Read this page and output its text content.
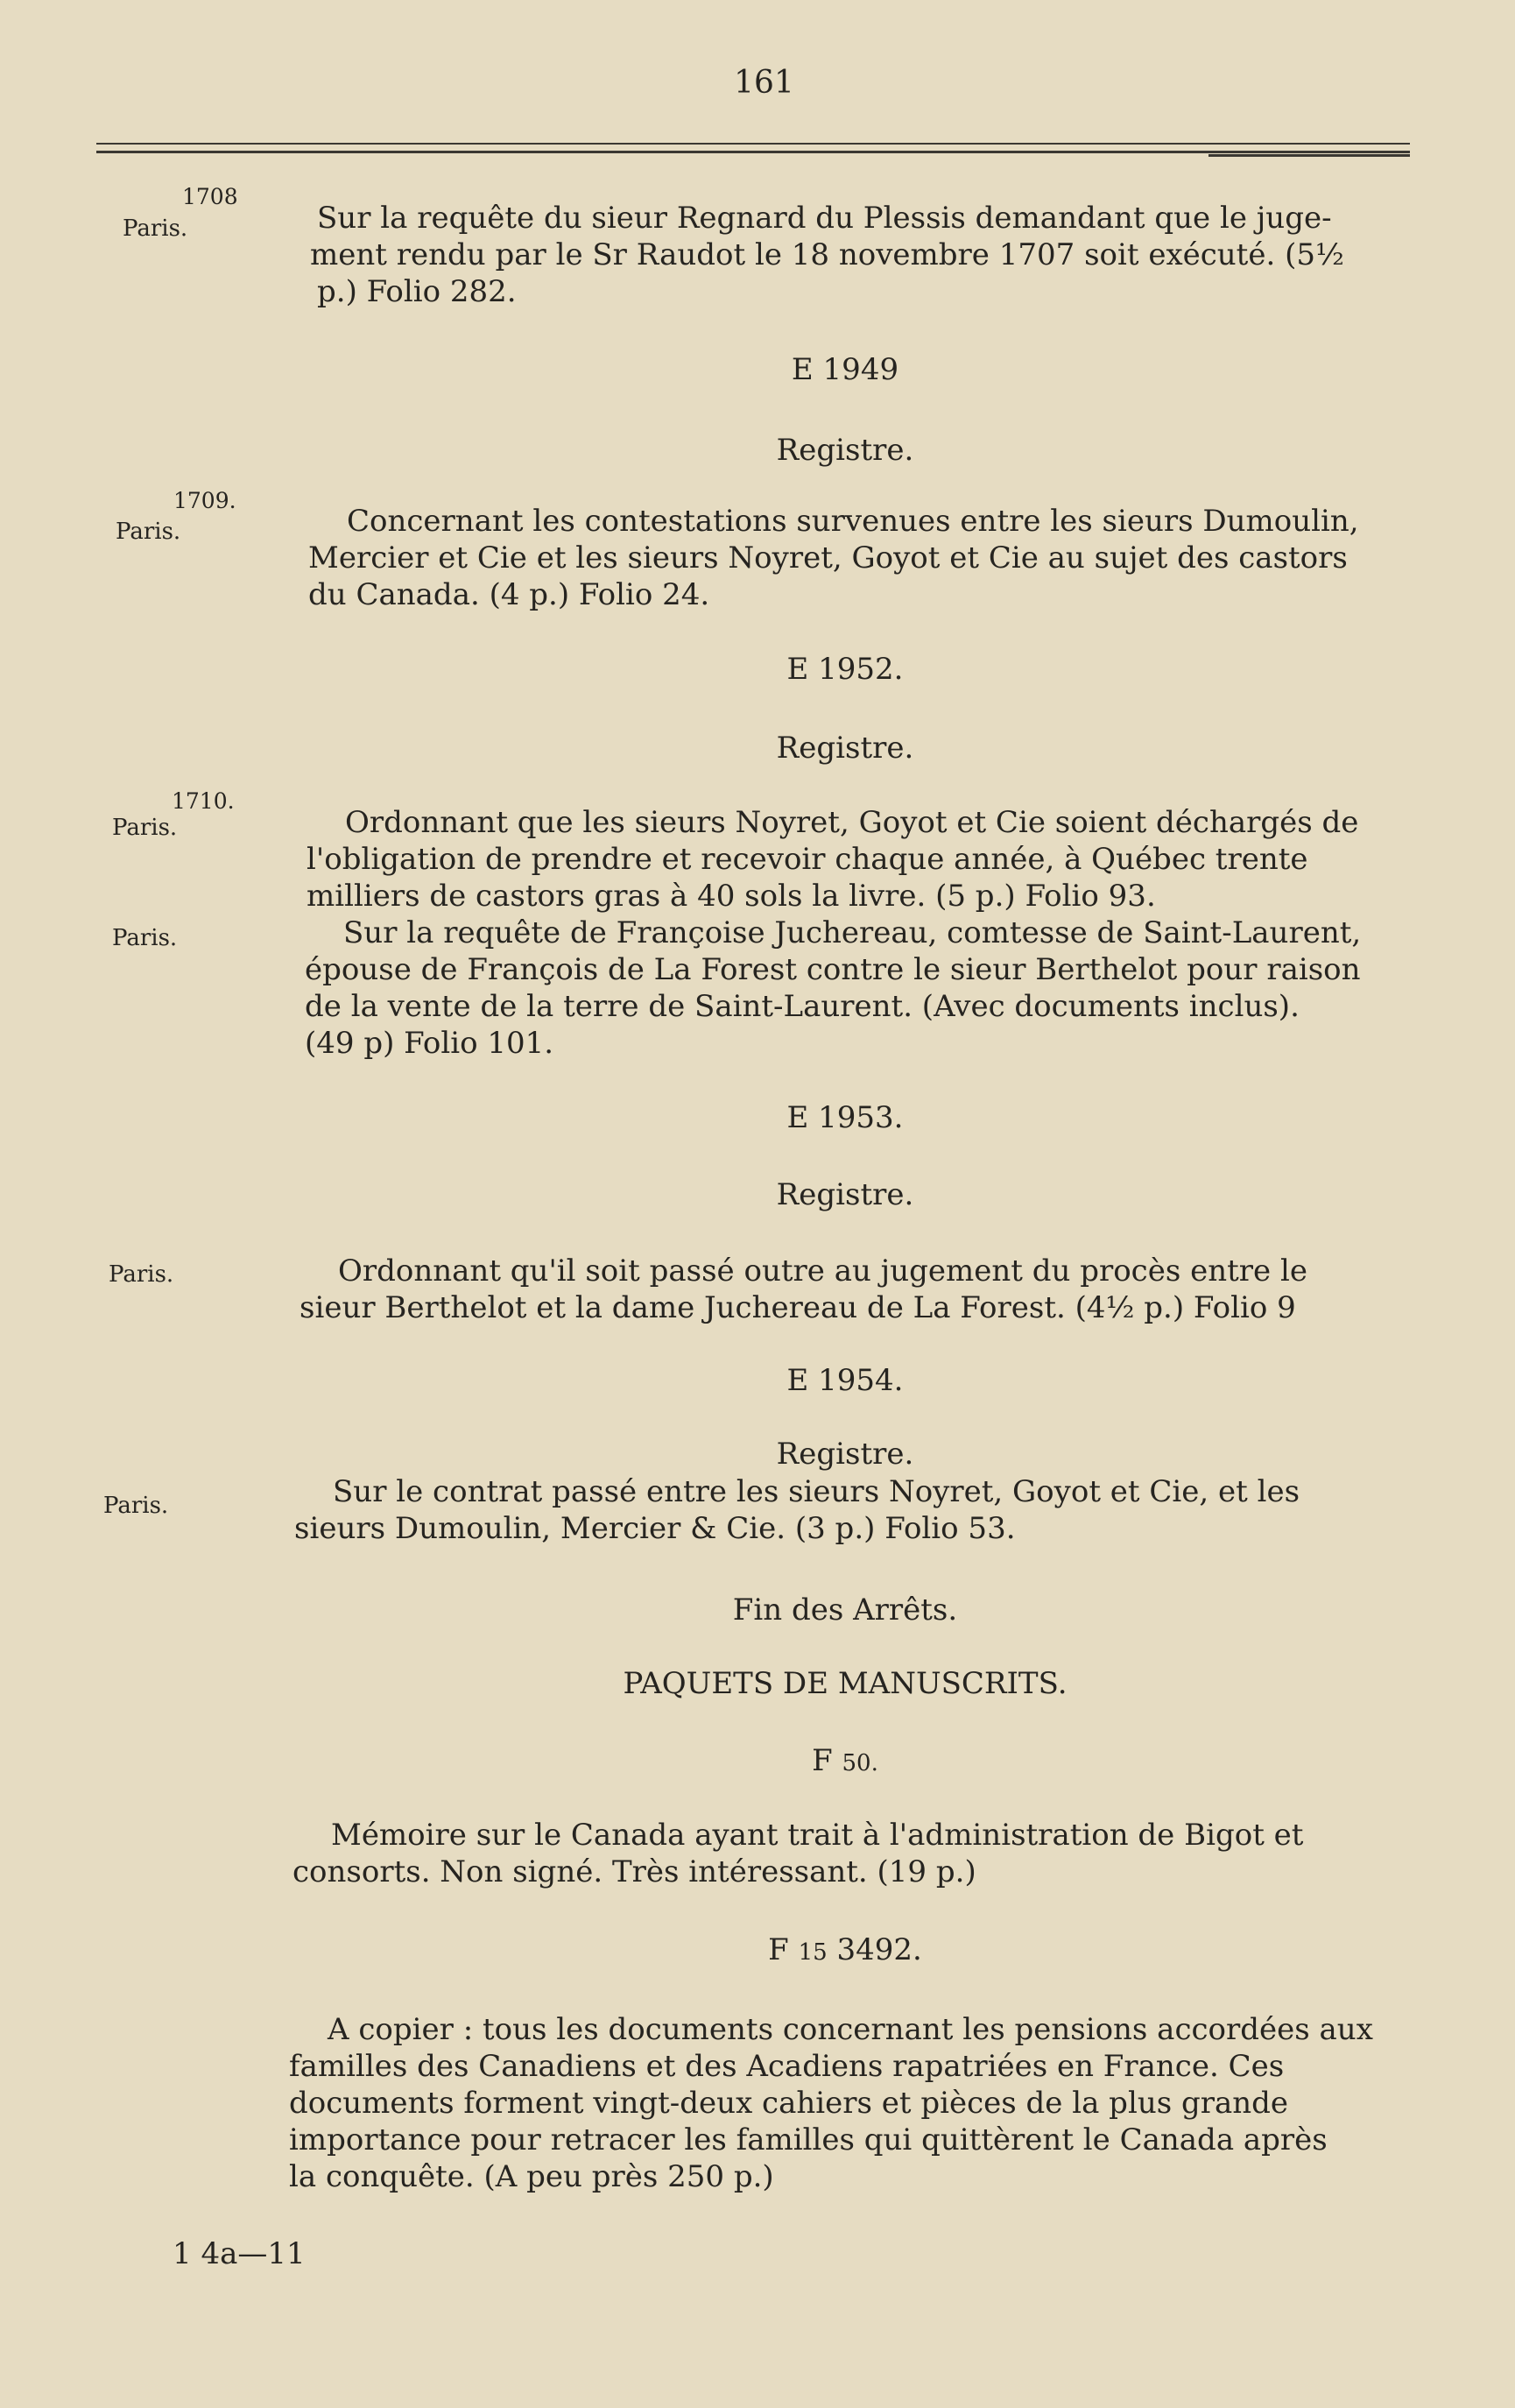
161
1708
Paris.	Sur la requête du sieur Regnard du Plessis demandant que le juge-
ment rendu par le Sr Raudot le 18 novembre 1707 soit exécuté. (5½
p.) Folio 282.
E 1949
Registre.
1709.
Paris.	Concernant les contestations survenues entre les sieurs Dumoulin,
Mercier et Cie et les sieurs Noyret, Goyot et Cie au sujet des castors
du Canada. (4 p.) Folio 24.
E 1952.
Registre.
1710.
Paris.	Ordonnant que les sieurs Noyret, Goyot et Cie soient déchargés de
l'obligation de prendre et recevoir chaque année, à Québec trente
milliers de castors gras à 40 sols la livre. (5 p.) Folio 93.
Paris.	Sur la requête de Françoise Juchereau, comtesse de Saint-Laurent,
épouse de François de La Forest contre le sieur Berthelot pour raison
de la vente de la terre de Saint-Laurent. (Avec documents inclus).
(49 p) Folio 101.
E 1953.
Registre.
Paris.	Ordonnant qu'il soit passé outre au jugement du procès entre le
sieur Berthelot et la dame Juchereau de La Forest. (4½ p.) Folio 9
E 1954.
Registre.
Paris.	Sur le contrat passé entre les sieurs Noyret, Goyot et Cie, et les
sieurs Dumoulin, Mercier & Cie. (3 p.) Folio 53.
Fin des Arrêts.
PAQUETS DE MANUSCRITS.
F 50.
Mémoire sur le Canada ayant trait à l'administration de Bigot et
consorts. Non signé. Très intéressant. (19 p.)
F 15 3492.
A copier : tous les documents concernant les pensions accordées aux
familles des Canadiens et des Acadiens rapatriées en France. Ces
documents forment vingt-deux cahiers et pièces de la plus grande
importance pour retracer les familles qui quittèrent le Canada après
la conquête. (A peu près 250 p.)
1 4a—11
